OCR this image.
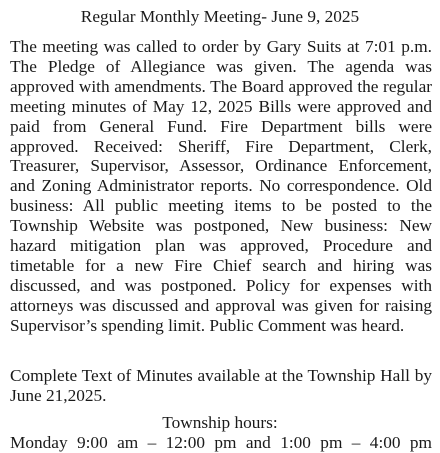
Regular Monthly Meeting- June 9, 2025
The meeting was called to order by Gary Suits at 7:01 p.m. The Pledge of Allegiance was given. The agenda was approved with amendments. The Board approved the regular meeting minutes of May 12, 2025 Bills were approved and paid from General Fund. Fire Department bills were approved. Received: Sheriff, Fire Department, Clerk, Treasurer, Supervisor, Assessor, Ordinance Enforcement, and Zoning Administrator reports. No correspondence. Old business: All public meeting items to be posted to the Township Website was postponed, New business: New hazard mitigation plan was approved, Procedure and timetable for a new Fire Chief search and hiring was discussed, and was postponed. Policy for expenses with attorneys was discussed and approval was given for raising Supervisor’s spending limit. Public Comment was heard.
Complete Text of Minutes available at the Township Hall by June 21,2025.
Township hours:
Monday 9:00 am – 12:00 pm and 1:00 pm – 4:00 pm
